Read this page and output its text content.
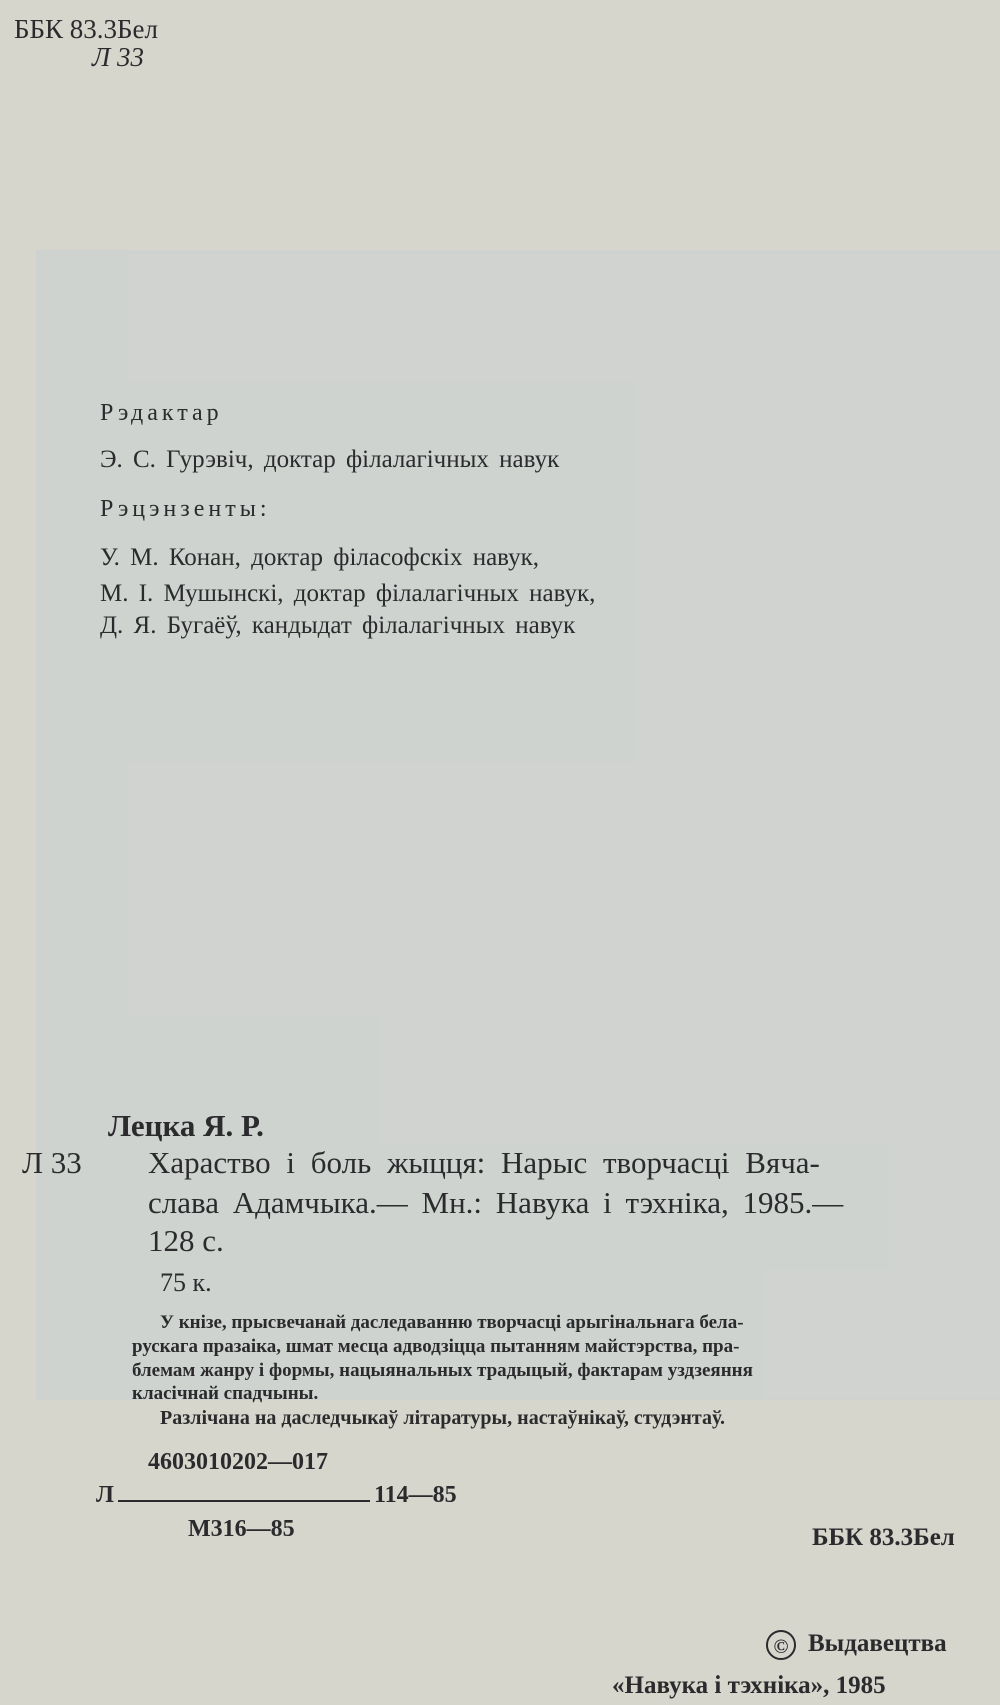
ББК 83.3Бел
Л 33
Рэдактар
Э. С. Гурэвіч, доктар філалагічных навук
Рэцэнзенты:
У. М. Конан, доктар філасофскіх навук,
М. І. Мушынскі, доктар філалагічных навук,
Д. Я. Бугаёў, кандыдат філалагічных навук
Лецка Я. Р.
Л 33 Хараство і боль жыцця: Нарыс творчасці Вяча-
слава Адамчыка.— Мн.: Навука і тэхніка, 1985.—
128 с.
75 к.
У кнізе, прысвечанай даследаванню творчасці арыгінальнага бела-
рускага празаіка, шмат месца адводзіцца пытанням майстэрства, пра-
блемам жанру і формы, нацыянальных традыцый, фактарам уздзеяння
класічнай спадчыны.
Разлічана на даследчыкаў літаратуры, настаўнікаў, студэнтаў.
4603010202—017
Л	114—85
М316—85	ББК 83.3Бел
© Выдавецтва
«Навука і тэхніка», 1985
